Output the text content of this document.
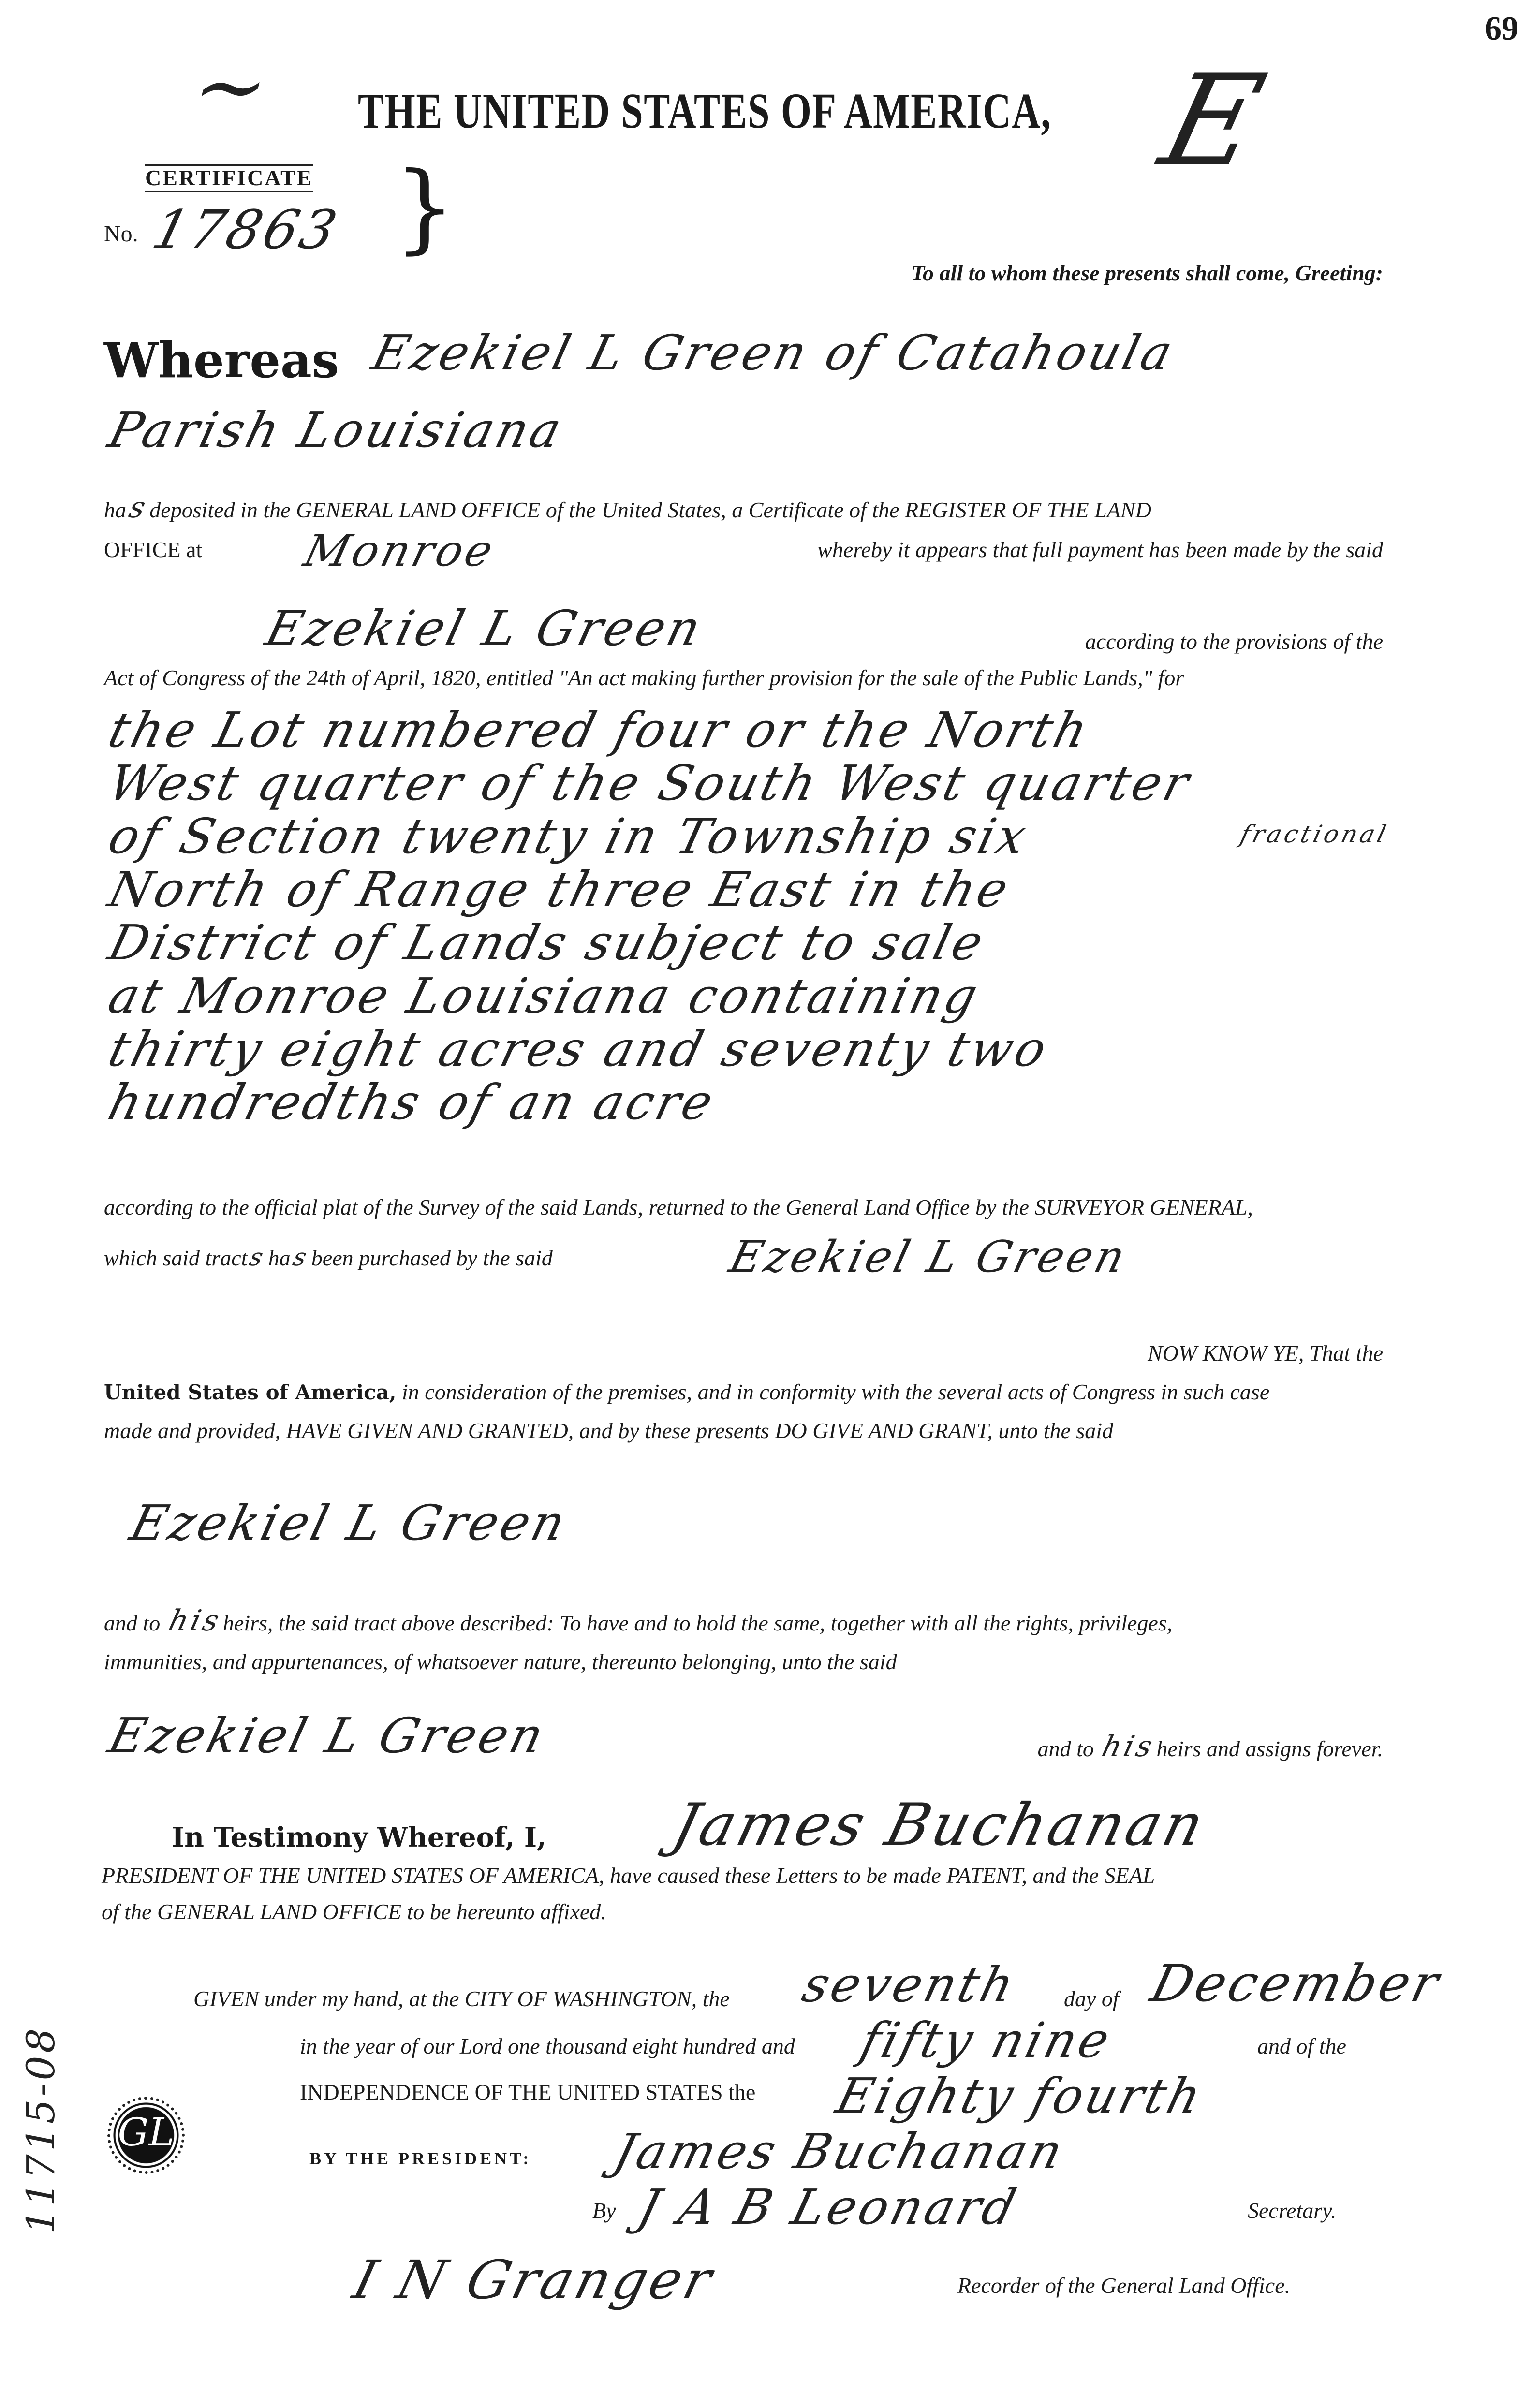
69
~ THE UNITED STATES OF AMERICA, E
CERTIFICATE }
No. 17863
To all to whom these presents shall come, Greeting:
Whereas Ezekiel L Green of Catahoula
Parish Louisiana
has deposited in the GENERAL LAND OFFICE of the United States, a Certificate of the REGISTER OF THE LAND
OFFICE at Monroe	whereby it appears that full payment has been made by the said
Ezekiel L Green	according to the provisions of the
Act of Congress of the 24th of April, 1820, entitled "An act making further provision for the sale of the Public Lands," for
the Lot numbered four or the North
West quarter of the South West quarter
of Section twenty in Township six	fractional
North of Range three East in the
District of Lands subject to sale
at Monroe Louisiana containing
thirty eight acres and seventy two
hundredths of an acre
according to the official plat of the Survey of the said Lands, returned to the General Land Office by the SURVEYOR GENERAL,
which said tracts has been purchased by the said	Ezekiel L Green
NOW KNOW YE, That the
United States of America, in consideration of the premises, and in conformity with the several acts of Congress in such case
made and provided, HAVE GIVEN AND GRANTED, and by these presents DO GIVE AND GRANT, unto the said
Ezekiel L Green
and to his heirs, the said tract above described: To have and to hold the same, together with all the rights, privileges,
immunities, and appurtenances, of whatsoever nature, thereunto belonging, unto the said
Ezekiel L Green	and to his heirs and assigns forever.
In Testimony Whereof, I, James Buchanan
PRESIDENT OF THE UNITED STATES OF AMERICA, have caused these Letters to be made PATENT, and the SEAL
of the GENERAL LAND OFFICE to be hereunto affixed.
GIVEN under my hand, at the CITY OF WASHINGTON, the seventh day of December
in the year of our Lord one thousand eight hundred and fifty nine	and of the
INDEPENDENCE OF THE UNITED STATES the Eighty fourth
GL
11715-08	BY THE PRESIDENT: James Buchanan
By J A B Leonard	Secretary.
I N Granger	Recorder of the General Land Office.
